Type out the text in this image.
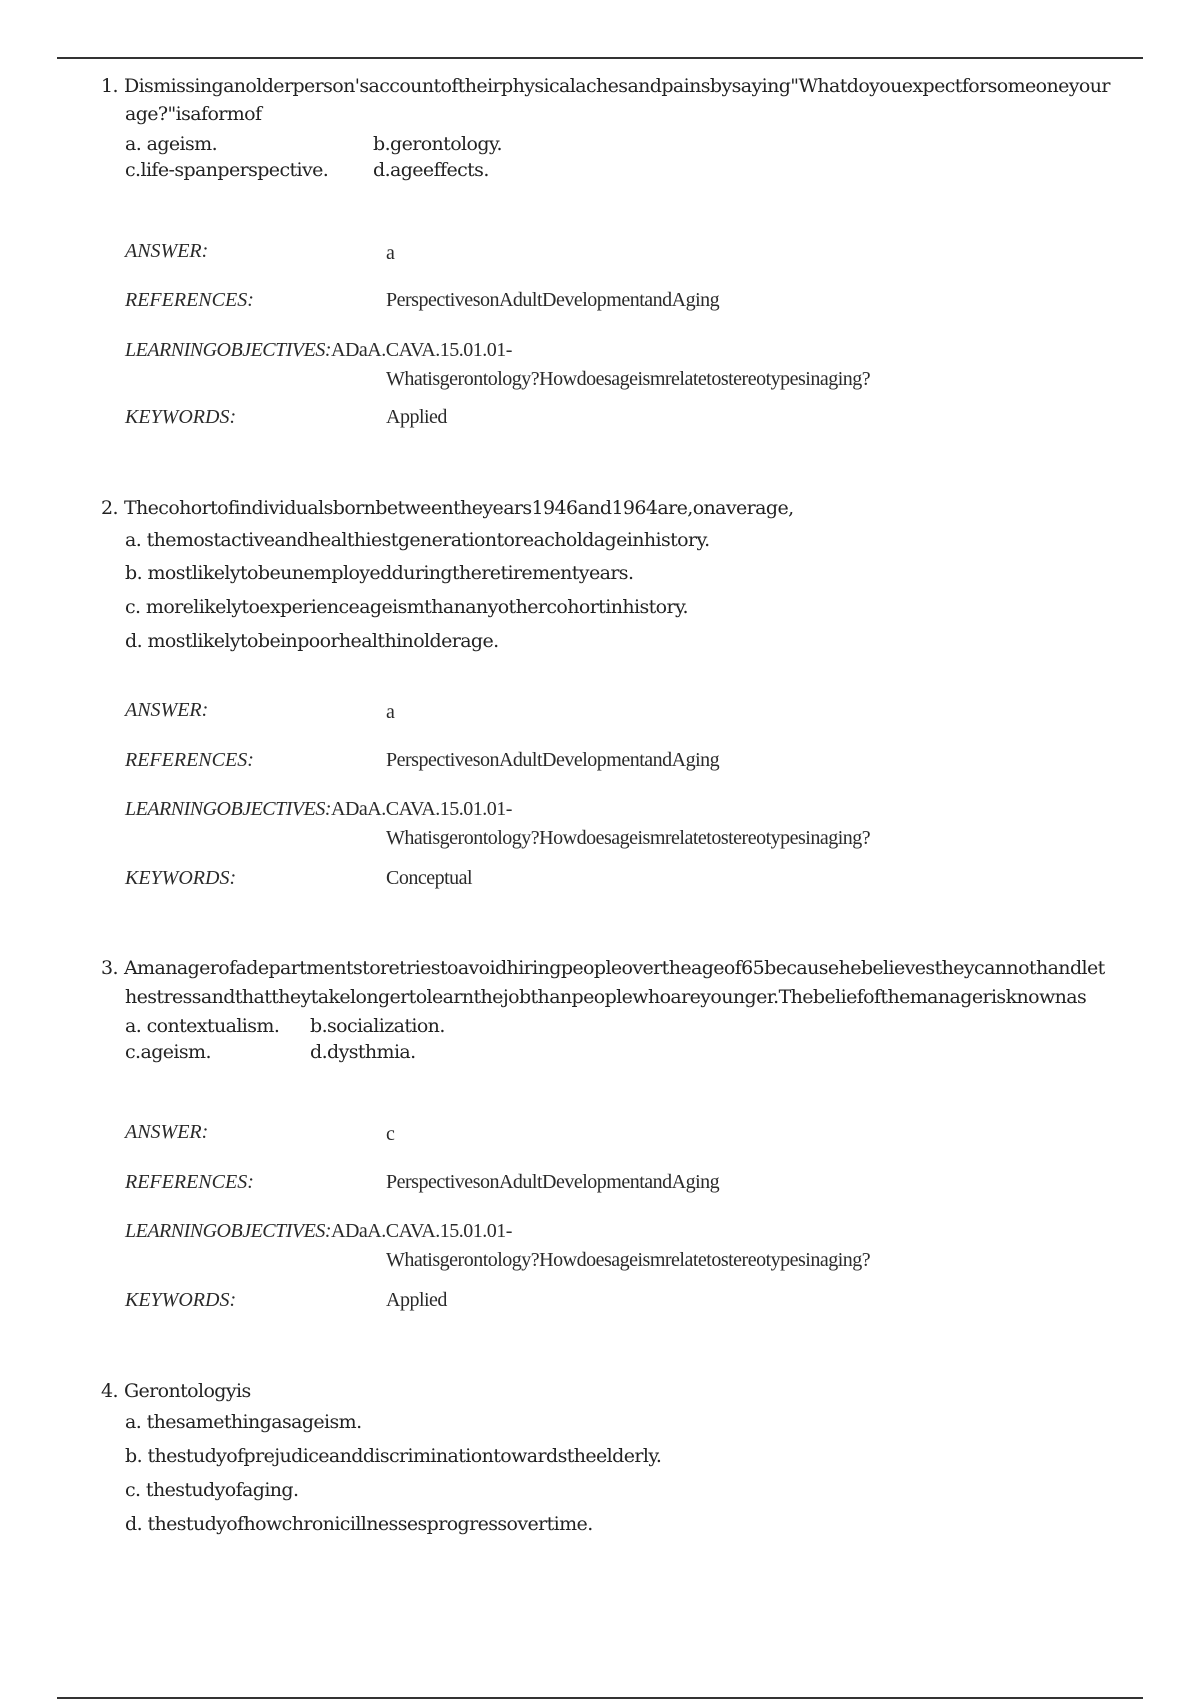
1. Dismissinganolderperson'saccountoftheirphysicalachesandpainsbysaying"Whatdoyouexpectforsomeoneyour
age?"isaformof
a. ageism.	b.gerontology.
c.life-spanperspective. d.ageeffects.
ANSWER:	a
REFERENCES:	PerspectivesonAdultDevelopmentandAging
LEARNINGOBJECTIVES:ADaA.CAVA.15.01.01-
Whatisgerontology?Howdoesageismrelatetostereotypesinaging?
KEYWORDS:	Applied
2. Thecohortofindividualsbornbetweentheyears1946and1964are,onaverage,
a. themostactiveandhealthiestgenerationtoreacholdageinhistory.
b. mostlikelytobeunemployedduringtheretirementyears.
c. morelikelytoexperienceageismthananyothercohortinhistory.
d. mostlikelytobeinpoorhealthinolderage.
ANSWER:	a
REFERENCES:	PerspectivesonAdultDevelopmentandAging
LEARNINGOBJECTIVES:ADaA.CAVA.15.01.01-
Whatisgerontology?Howdoesageismrelatetostereotypesinaging?
KEYWORDS:	Conceptual
3. Amanagerofadepartmentstoretriestoavoidhiringpeopleovertheageof65becausehebelievestheycannothandlet
hestressandthattheytakelongertolearnthejobthanpeoplewhoareyounger.Thebeliefofthemanagerisknownas
a. contextualism. b.socialization.
c.ageism.	d.dysthmia.
ANSWER:	c
REFERENCES:	PerspectivesonAdultDevelopmentandAging
LEARNINGOBJECTIVES:ADaA.CAVA.15.01.01-
Whatisgerontology?Howdoesageismrelatetostereotypesinaging?
KEYWORDS:	Applied
4. Gerontologyis
a. thesamethingasageism.
b. thestudyofprejudiceanddiscriminationtowardstheelderly.
c. thestudyofaging.
d. thestudyofhowchronicillnessesprogressovertime.
